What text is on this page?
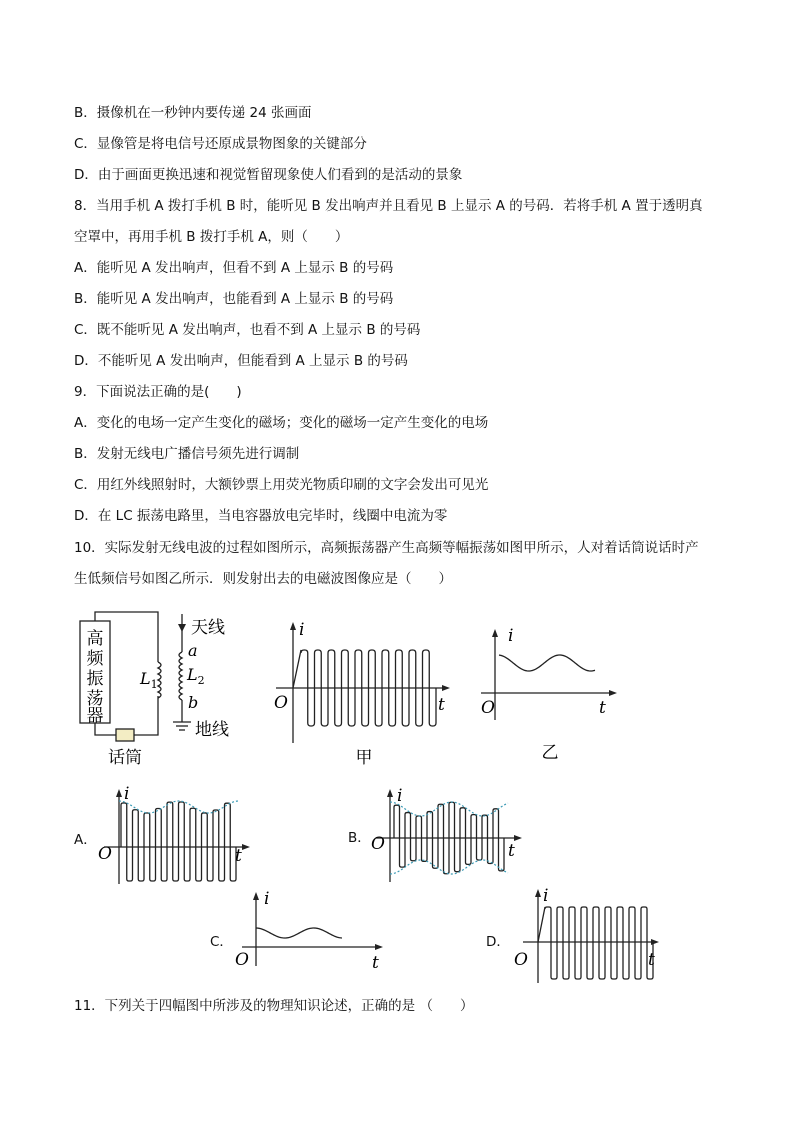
B．摄像机在一秒钟内要传递 24 张画面
C．显像管是将电信号还原成景物图象的关键部分
D．由于画面更换迅速和视觉暂留现象使人们看到的是活动的景象
8．当用手机 A 拨打手机 B 时，能听见 B 发出响声并且看见 B 上显示 A 的号码．若将手机 A 置于透明真
空罩中，再用手机 B 拨打手机 A，则（　　）
A．能听见 A 发出响声，但看不到 A 上显示 B 的号码
B．能听见 A 发出响声，也能看到 A 上显示 B 的号码
C．既不能听见 A 发出响声，也看不到 A 上显示 B 的号码
D．不能听见 A 发出响声，但能看到 A 上显示 B 的号码
9．下面说法正确的是(　　)
A．变化的电场一定产生变化的磁场；变化的磁场一定产生变化的电场
B．发射无线电广播信号须先进行调制
C．用红外线照射时，大额钞票上用荧光物质印刷的文字会发出可见光
D．在 LC 振荡电路里，当电容器放电完毕时，线圈中电流为零
10．实际发射无线电波的过程如图所示，高频振荡器产生高频等幅振荡如图甲所示，人对着话筒说话时产
生低频信号如图乙所示．则发射出去的电磁波图像应是（　　）
11．下列关于四幅图中所涉及的物理知识论述，正确的是 （　　）
高
频
振
荡
器
天线
a
b
$L_1$
$L_2$
地线
话筒
i
t
O
甲
i
t
O
乙
A．
i
t
O
B．
i
t
O
C．
i
t
O
D．
i
t
O
